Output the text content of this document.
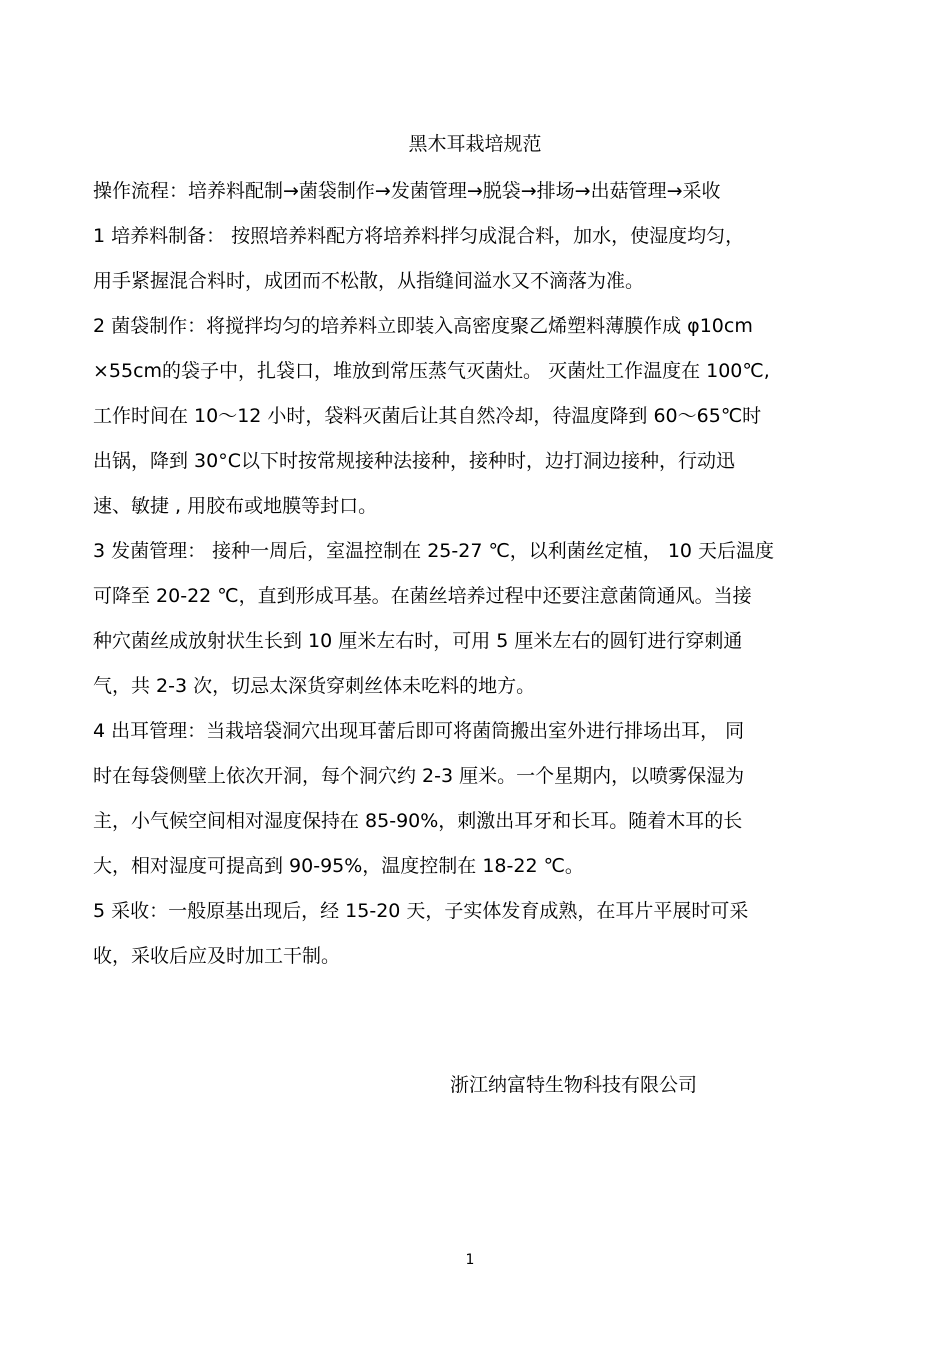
黑木耳栽培规范
操作流程：培养料配制→菌袋制作→发菌管理→脱袋→排场→出菇管理→采收
1 培养料制备： 按照培养料配方将培养料拌匀成混合料，加水，使湿度均匀，
用手紧握混合料时，成团而不松散，从指缝间溢水又不滴落为准。
2 菌袋制作：将搅拌均匀的培养料立即装入高密度聚乙烯塑料薄膜作成 φ10cm
×55cm的袋子中，扎袋口，堆放到常压蒸气灭菌灶。 灭菌灶工作温度在 100℃,
工作时间在 10～12 小时，袋料灭菌后让其自然冷却，待温度降到 60～65℃时
出锅，降到 30°C以下时按常规接种法接种，接种时，边打洞边接种，行动迅
速、敏捷 , 用胶布或地膜等封口。
3 发菌管理： 接种一周后，室温控制在 25-27 ℃，以利菌丝定植， 10 天后温度
可降至 20-22 ℃，直到形成耳基。在菌丝培养过程中还要注意菌筒通风。当接
种穴菌丝成放射状生长到 10 厘米左右时，可用 5 厘米左右的圆钉进行穿刺通
气，共 2-3 次，切忌太深货穿刺丝体未吃料的地方。
4 出耳管理：当栽培袋洞穴出现耳蕾后即可将菌筒搬出室外进行排场出耳， 同
时在每袋侧壁上依次开洞，每个洞穴约 2-3 厘米。一个星期内，以喷雾保湿为
主，小气候空间相对湿度保持在 85-90%，刺激出耳牙和长耳。随着木耳的长
大，相对湿度可提高到 90-95%，温度控制在 18-22 ℃。
5 采收：一般原基出现后，经 15-20 天，子实体发育成熟，在耳片平展时可采
收，采收后应及时加工干制。
浙江纳富特生物科技有限公司
1
